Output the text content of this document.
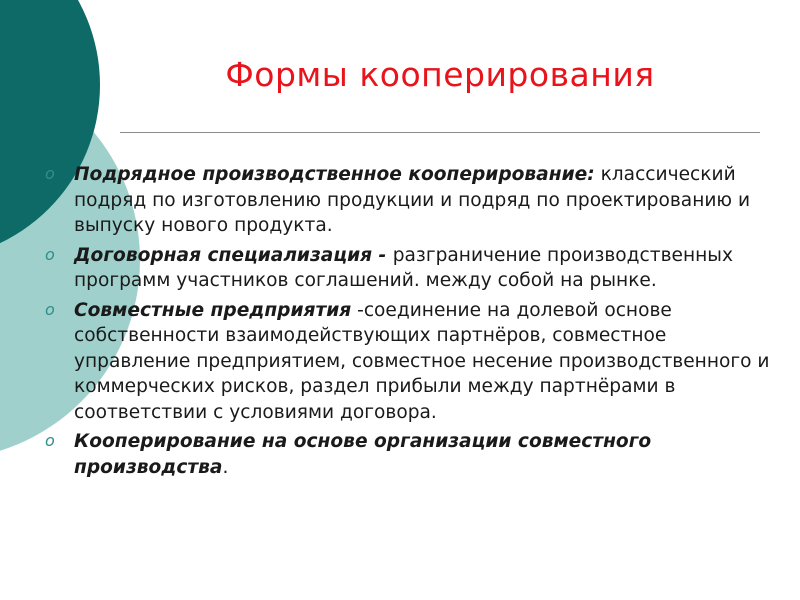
Формы кооперирования
o Подрядное производственное кооперирование: классический подряд по изготовлению продукции и подряд по проектированию и выпуску нового продукта.
o Договорная специализация - разграничение производственных программ участников соглашений. между собой на рынке.
o Совместные предприятия -соединение на долевой основе собственности взаимодействующих партнёров, совместное управление предприятием, совместное несение производственного и коммерческих рисков, раздел прибыли между партнёрами в соответствии с условиями договора.
o Кооперирование на основе организации совместного производства.
